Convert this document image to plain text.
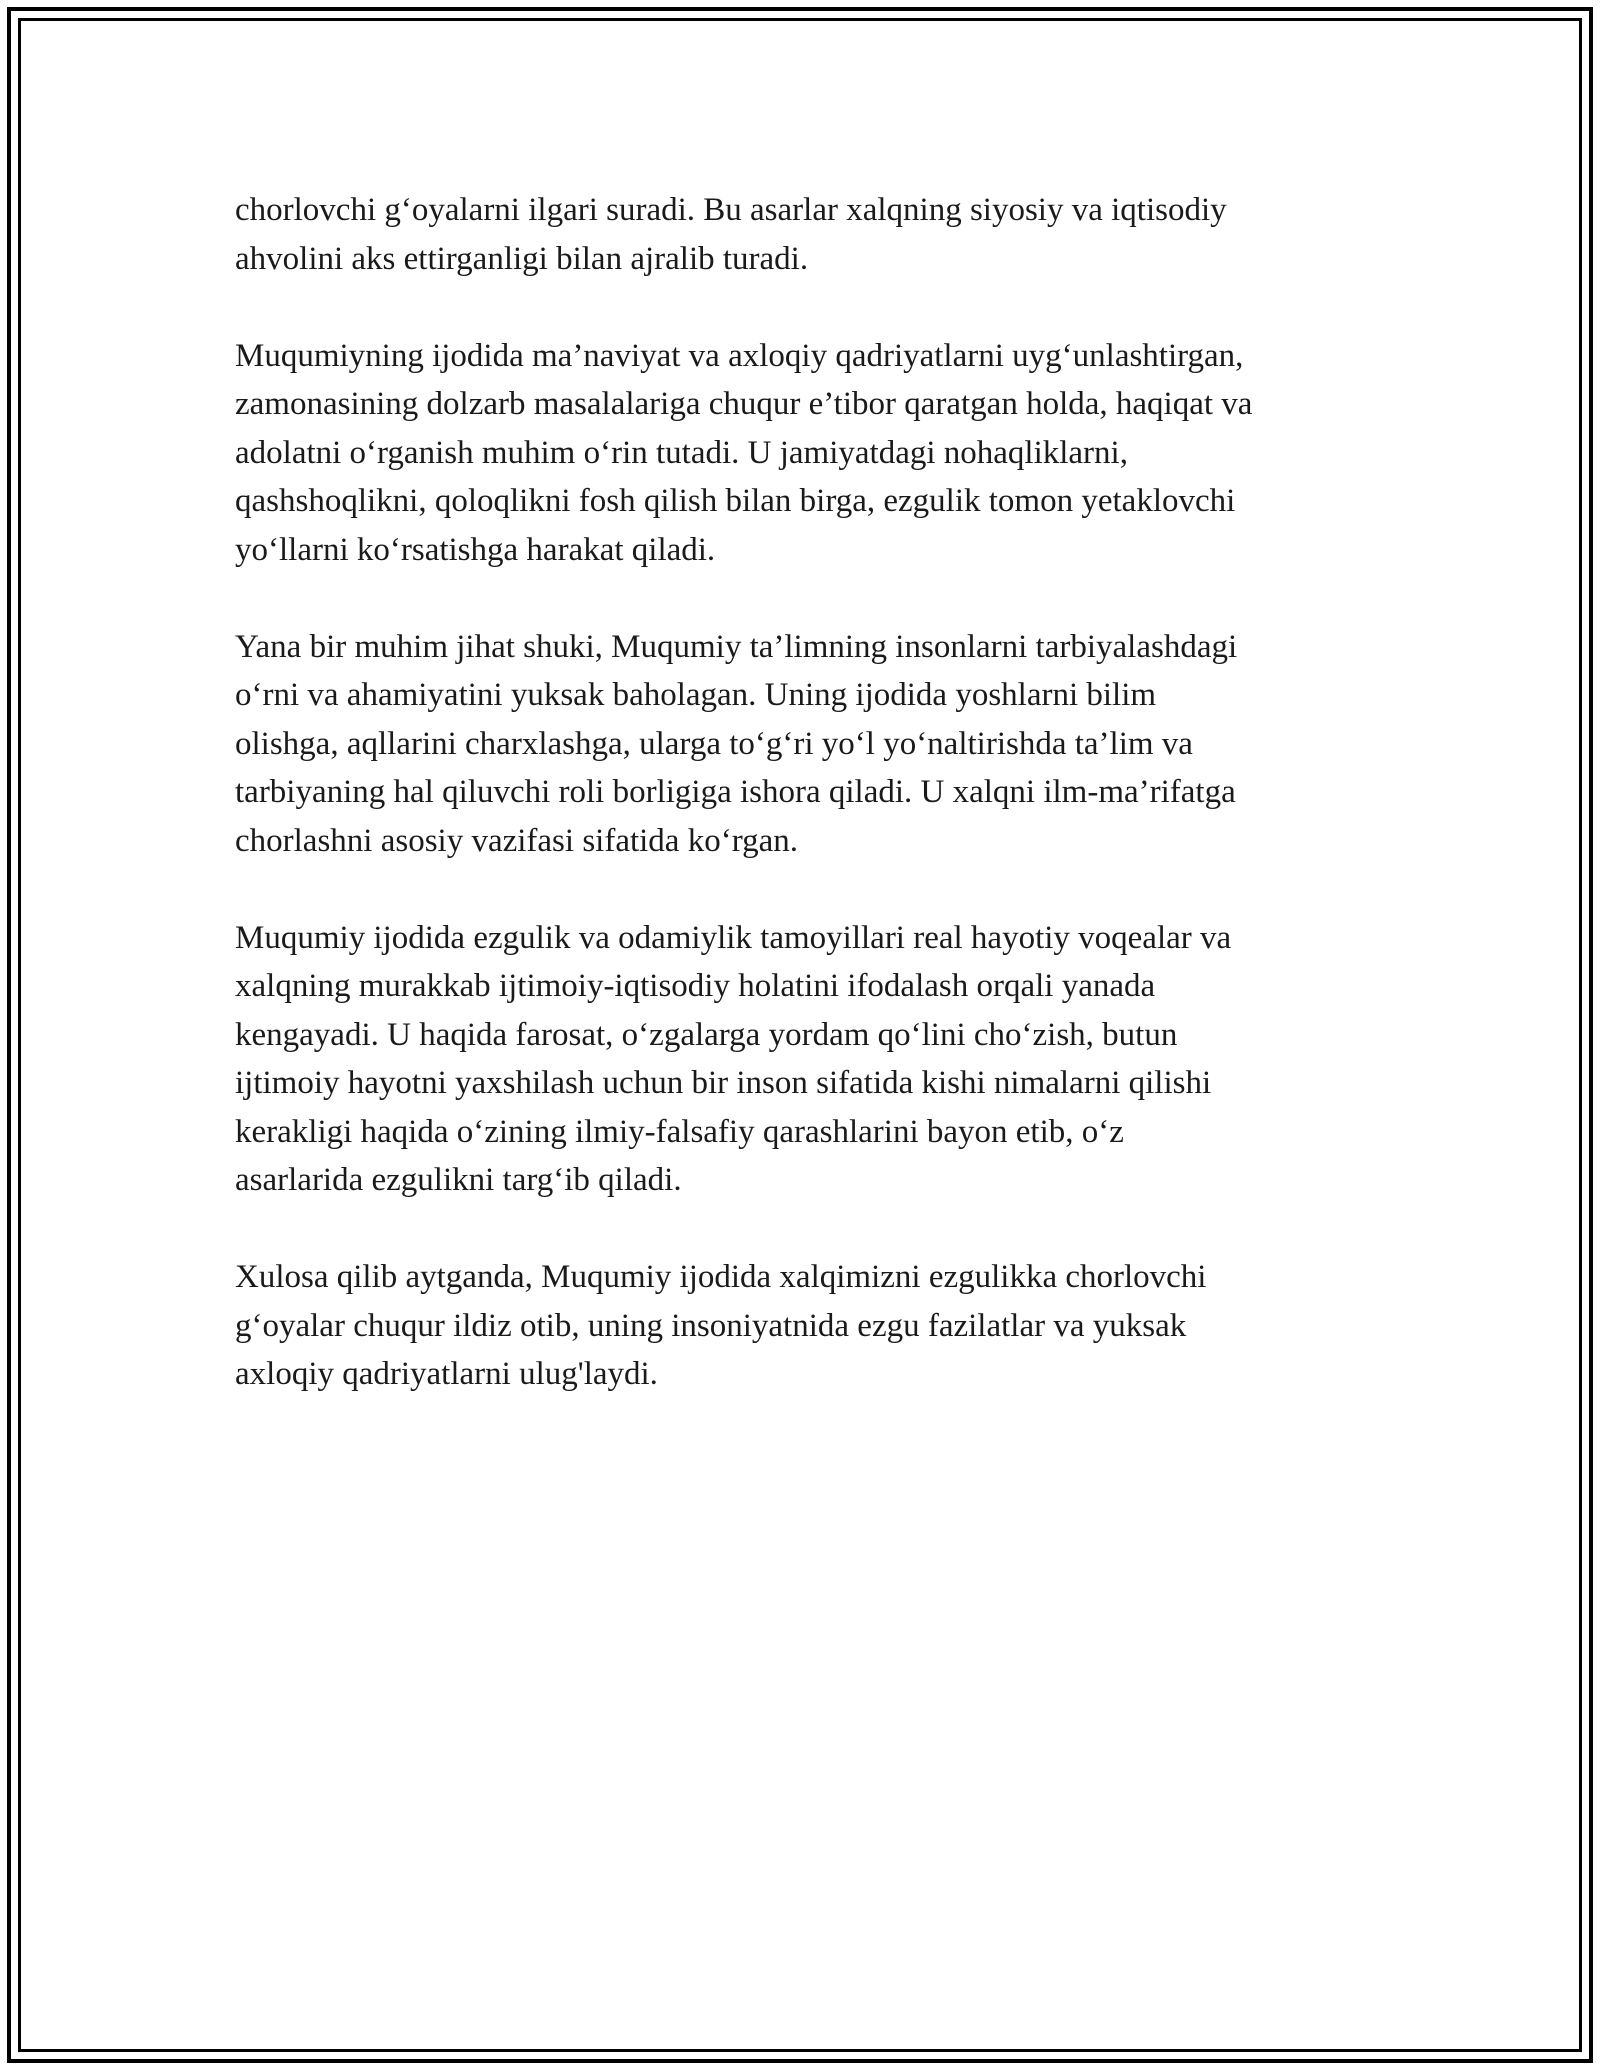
chorlovchi g‘oyalarni ilgari suradi. Bu asarlar xalqning siyosiy va iqtisodiy
ahvolini aks ettirganligi bilan ajralib turadi.

Muqumiyning ijodida ma’naviyat va axloqiy qadriyatlarni uyg‘unlashtirgan,
zamonasining dolzarb masalalariga chuqur e’tibor qaratgan holda, haqiqat va
adolatni o‘rganish muhim o‘rin tutadi. U jamiyatdagi nohaqliklarni,
qashshoqlikni, qoloqlikni fosh qilish bilan birga, ezgulik tomon yetaklovchi
yo‘llarni ko‘rsatishga harakat qiladi.

Yana bir muhim jihat shuki, Muqumiy ta’limning insonlarni tarbiyalashdagi
o‘rni va ahamiyatini yuksak baholagan. Uning ijodida yoshlarni bilim
olishga, aqllarini charxlashga, ularga to‘g‘ri yo‘l yo‘naltirishda ta’lim va
tarbiyaning hal qiluvchi roli borligiga ishora qiladi. U xalqni ilm-ma’rifatga
chorlashni asosiy vazifasi sifatida ko‘rgan.

Muqumiy ijodida ezgulik va odamiylik tamoyillari real hayotiy voqealar va
xalqning murakkab ijtimoiy-iqtisodiy holatini ifodalash orqali yanada
kengayadi. U haqida farosat, o‘zgalarga yordam qo‘lini cho‘zish, butun
ijtimoiy hayotni yaxshilash uchun bir inson sifatida kishi nimalarni qilishi
kerakligi haqida o‘zining ilmiy-falsafiy qarashlarini bayon etib, o‘z
asarlarida ezgulikni targ‘ib qiladi.

Xulosa qilib aytganda, Muqumiy ijodida xalqimizni ezgulikka chorlovchi
g‘oyalar chuqur ildiz otib, uning insoniyatnida ezgu fazilatlar va yuksak
axloqiy qadriyatlarni ulug'laydi.
